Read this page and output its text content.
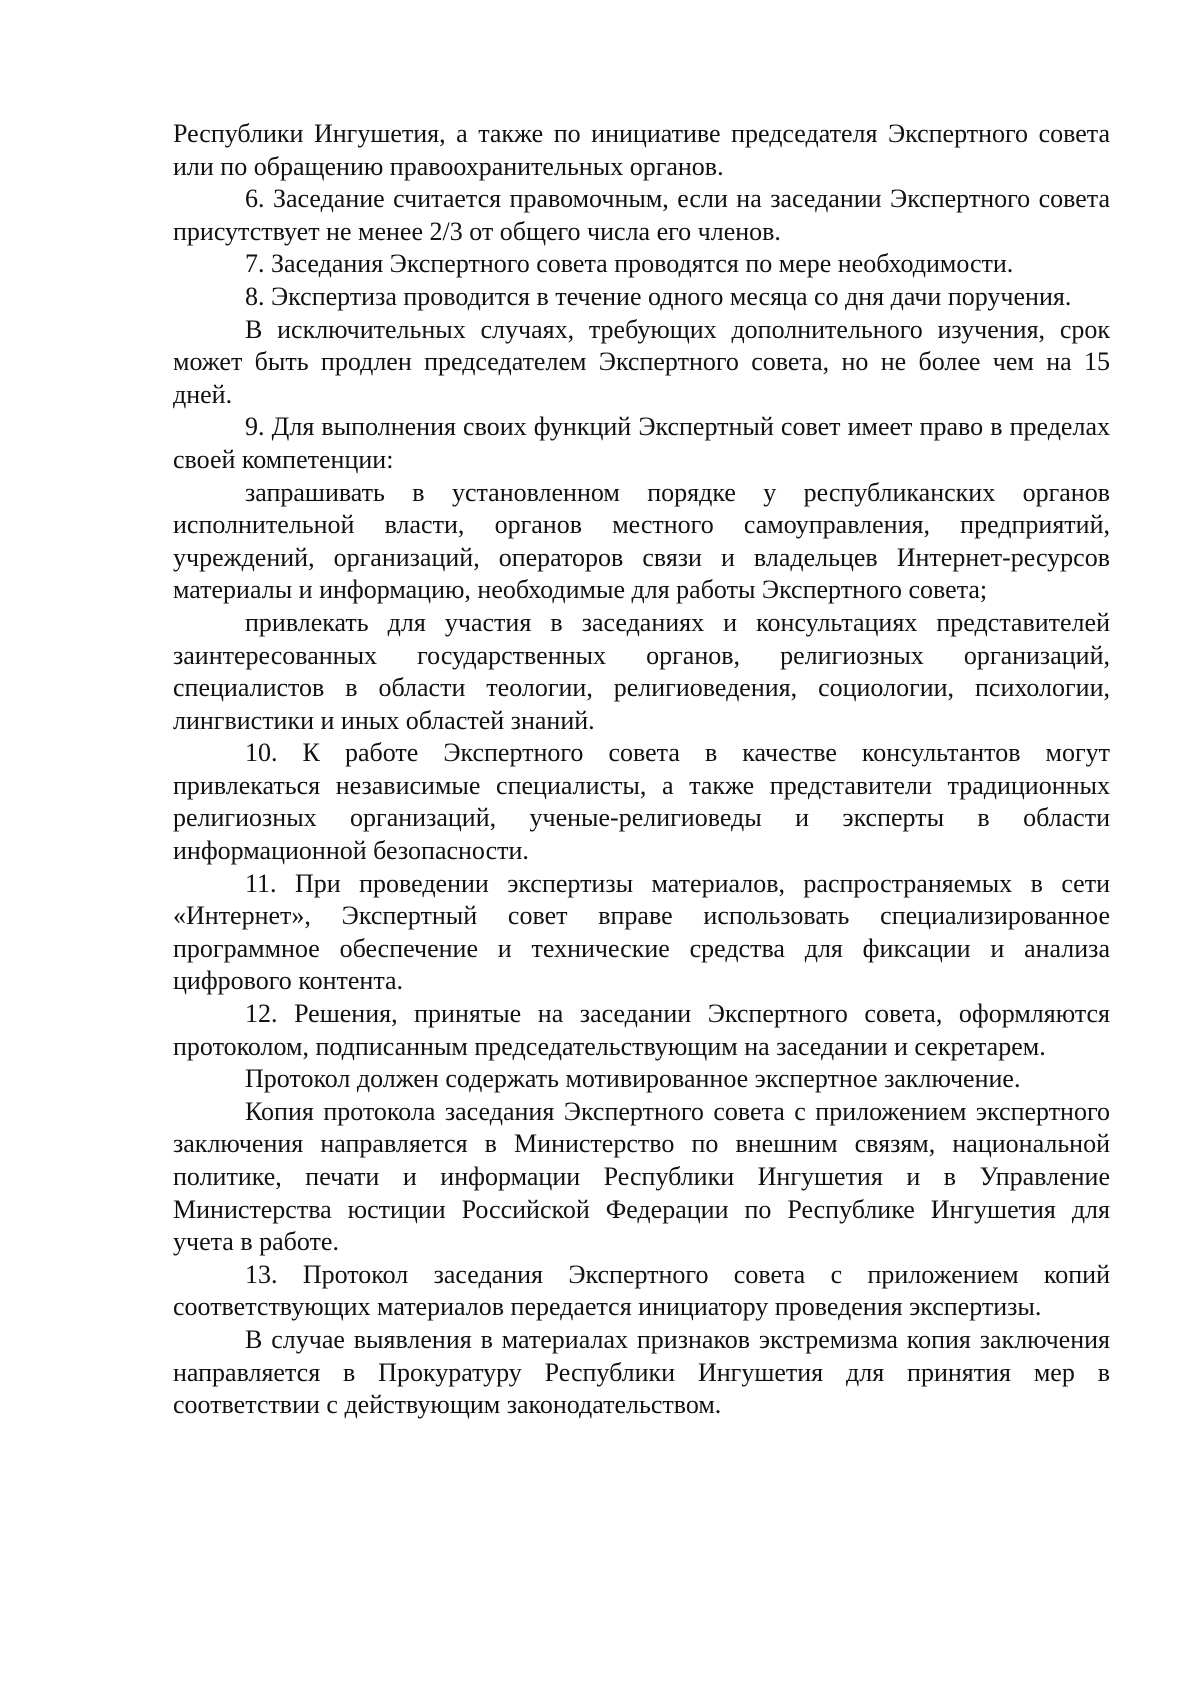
Республики Ингушетия, а также по инициативе председателя Экспертного совета или по обращению правоохранительных органов.

6. Заседание считается правомочным, если на заседании Экспертного совета присутствует не менее 2/3 от общего числа его членов.

7. Заседания Экспертного совета проводятся по мере необходимости.

8. Экспертиза проводится в течение одного месяца со дня дачи поручения.

В исключительных случаях, требующих дополнительного изучения, срок может быть продлен председателем Экспертного совета, но не более чем на 15 дней.

9. Для выполнения своих функций Экспертный совет имеет право в пределах своей компетенции:

запрашивать в установленном порядке у республиканских органов исполнительной власти, органов местного самоуправления, предприятий, учреждений, организаций, операторов связи и владельцев Интернет-ресурсов материалы и информацию, необходимые для работы Экспертного совета;

привлекать для участия в заседаниях и консультациях представителей заинтересованных государственных органов, религиозных организаций, специалистов в области теологии, религиоведения, социологии, психологии, лингвистики и иных областей знаний.

10. К работе Экспертного совета в качестве консультантов могут привлекаться независимые специалисты, а также представители традиционных религиозных организаций, ученые-религиоведы и эксперты в области информационной безопасности.

11. При проведении экспертизы материалов, распространяемых в сети «Интернет», Экспертный совет вправе использовать специализированное программное обеспечение и технические средства для фиксации и анализа цифрового контента.

12. Решения, принятые на заседании Экспертного совета, оформляются протоколом, подписанным председательствующим на заседании и секретарем.

Протокол должен содержать мотивированное экспертное заключение.

Копия протокола заседания Экспертного совета с приложением экспертного заключения направляется в Министерство по внешним связям, национальной политике, печати и информации Республики Ингушетия и в Управление Министерства юстиции Российской Федерации по Республике Ингушетия для учета в работе.

13. Протокол заседания Экспертного совета с приложением копий соответствующих материалов передается инициатору проведения экспертизы.

В случае выявления в материалах признаков экстремизма копия заключения направляется в Прокуратуру Республики Ингушетия для принятия мер в соответствии с действующим законодательством.
